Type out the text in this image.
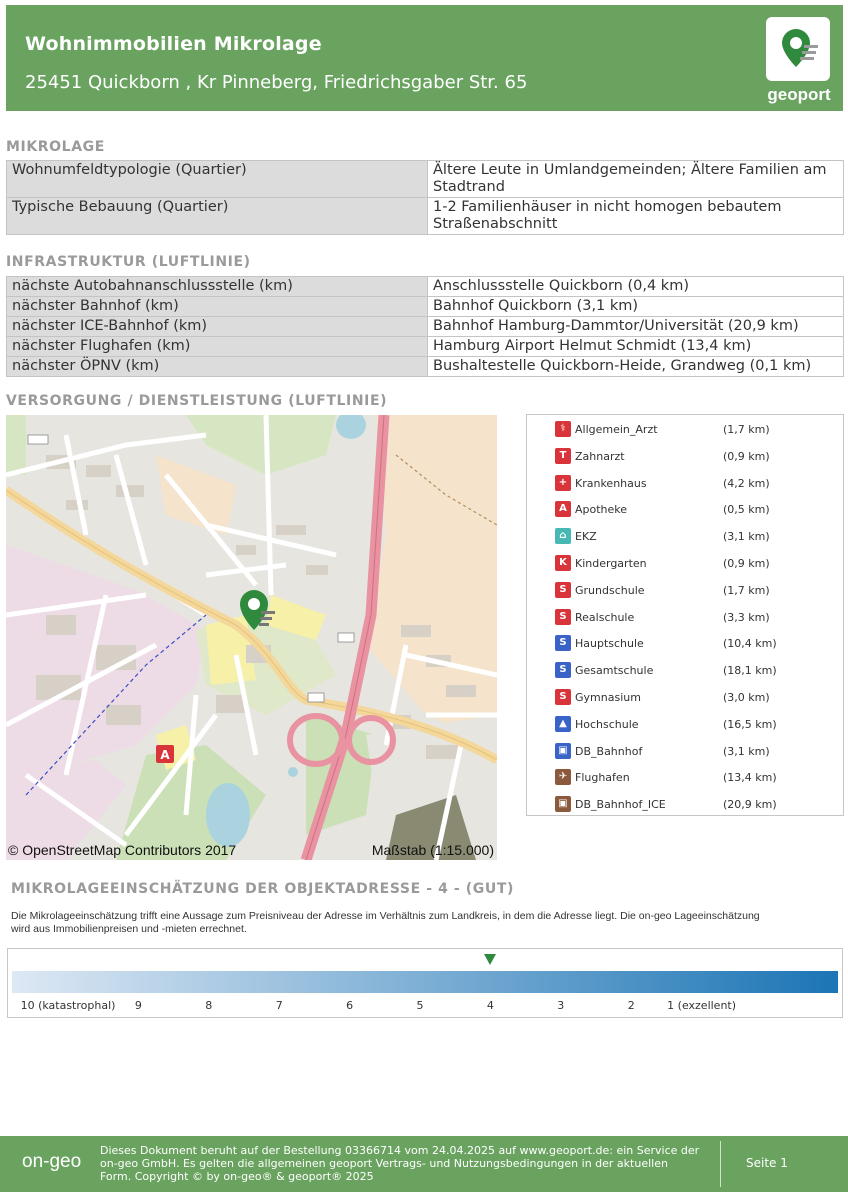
Wohnimmobilien Mikrolage
25451 Quickborn , Kr Pinneberg, Friedrichsgaber Str. 65
geoport
MIKROLAGE
Wohnumfeldtypologie (Quartier)	Ältere Leute in Umlandgemeinden; Ältere Familien am Stadtrand
Typische Bebauung (Quartier)	1-2 Familienhäuser in nicht homogen bebautem Straßenabschnitt
INFRASTRUKTUR (LUFTLINIE)
nächste Autobahnanschlussstelle (km)	Anschlussstelle Quickborn (0,4 km)
nächster Bahnhof (km)	Bahnhof Quickborn (3,1 km)
nächster ICE-Bahnhof (km)	Bahnhof Hamburg-Dammtor/Universität (20,9 km)
nächster Flughafen (km)	Hamburg Airport Helmut Schmidt (13,4 km)
nächster ÖPNV (km)	Bushaltestelle Quickborn-Heide, Grandweg (0,1 km)
VERSORGUNG / DIENSTLEISTUNG (LUFTLINIE)
A
© OpenStreetMap Contributors 2017	Maßstab (1:15.000)
⚕ Allgemein_Arzt	(1,7 km)
T Zahnarzt	(0,9 km)
+ Krankenhaus	(4,2 km)
A Apotheke	(0,5 km)
⌂ EKZ	(3,1 km)
K Kindergarten	(0,9 km)
S Grundschule	(1,7 km)
S Realschule	(3,3 km)
S Hauptschule	(10,4 km)
S Gesamtschule	(18,1 km)
S Gymnasium	(3,0 km)
▲ Hochschule	(16,5 km)
▣ DB_Bahnhof	(3,1 km)
✈ Flughafen	(13,4 km)
▣ DB_Bahnhof_ICE	(20,9 km)
MIKROLAGEEINSCHÄTZUNG DER OBJEKTADRESSE - 4 - (GUT)
Die Mikrolageeinschätzung trifft eine Aussage zum Preisniveau der Adresse im Verhältnis zum Landkreis, in dem die Adresse liegt. Die on-geo Lageeinschätzung wird aus Immobilienpreisen und -mieten errechnet.
10 (katastrophal) 9	8	7	6	5	4	3	2	1 (exzellent)
on-geo
Dieses Dokument beruht auf der Bestellung 03366714 vom 24.04.2025 auf www.geoport.de: ein Service der on-geo GmbH. Es gelten die allgemeinen geoport Vertrags- und Nutzungsbedingungen in der aktuellen Form. Copyright © by on-geo® & geoport® 2025
Seite 1
